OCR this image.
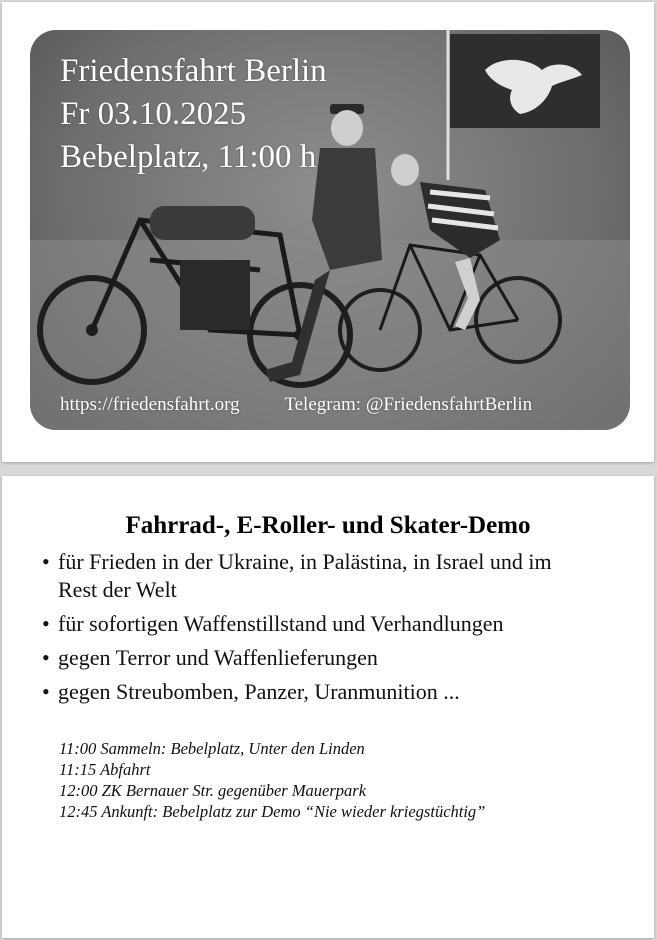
Friedensfahrt Berlin
Fr 03.10.2025
Bebelplatz, 11:00 h
https://friedensfahrt.org Telegram: @FriedensfahrtBerlin
Fahrrad-, E-Roller- und Skater-Demo
• für Frieden in der Ukraine, in Palästina, in Israel und im Rest der Welt
• für sofortigen Waffenstillstand und Verhandlungen
• gegen Terror und Waffenlieferungen
• gegen Streubomben, Panzer, Uranmunition ...
11:00 Sammeln: Bebelplatz, Unter den Linden
11:15 Abfahrt
12:00 ZK Bernauer Str. gegenüber Mauerpark
12:45 Ankunft: Bebelplatz zur Demo “Nie wieder kriegstüchtig”
